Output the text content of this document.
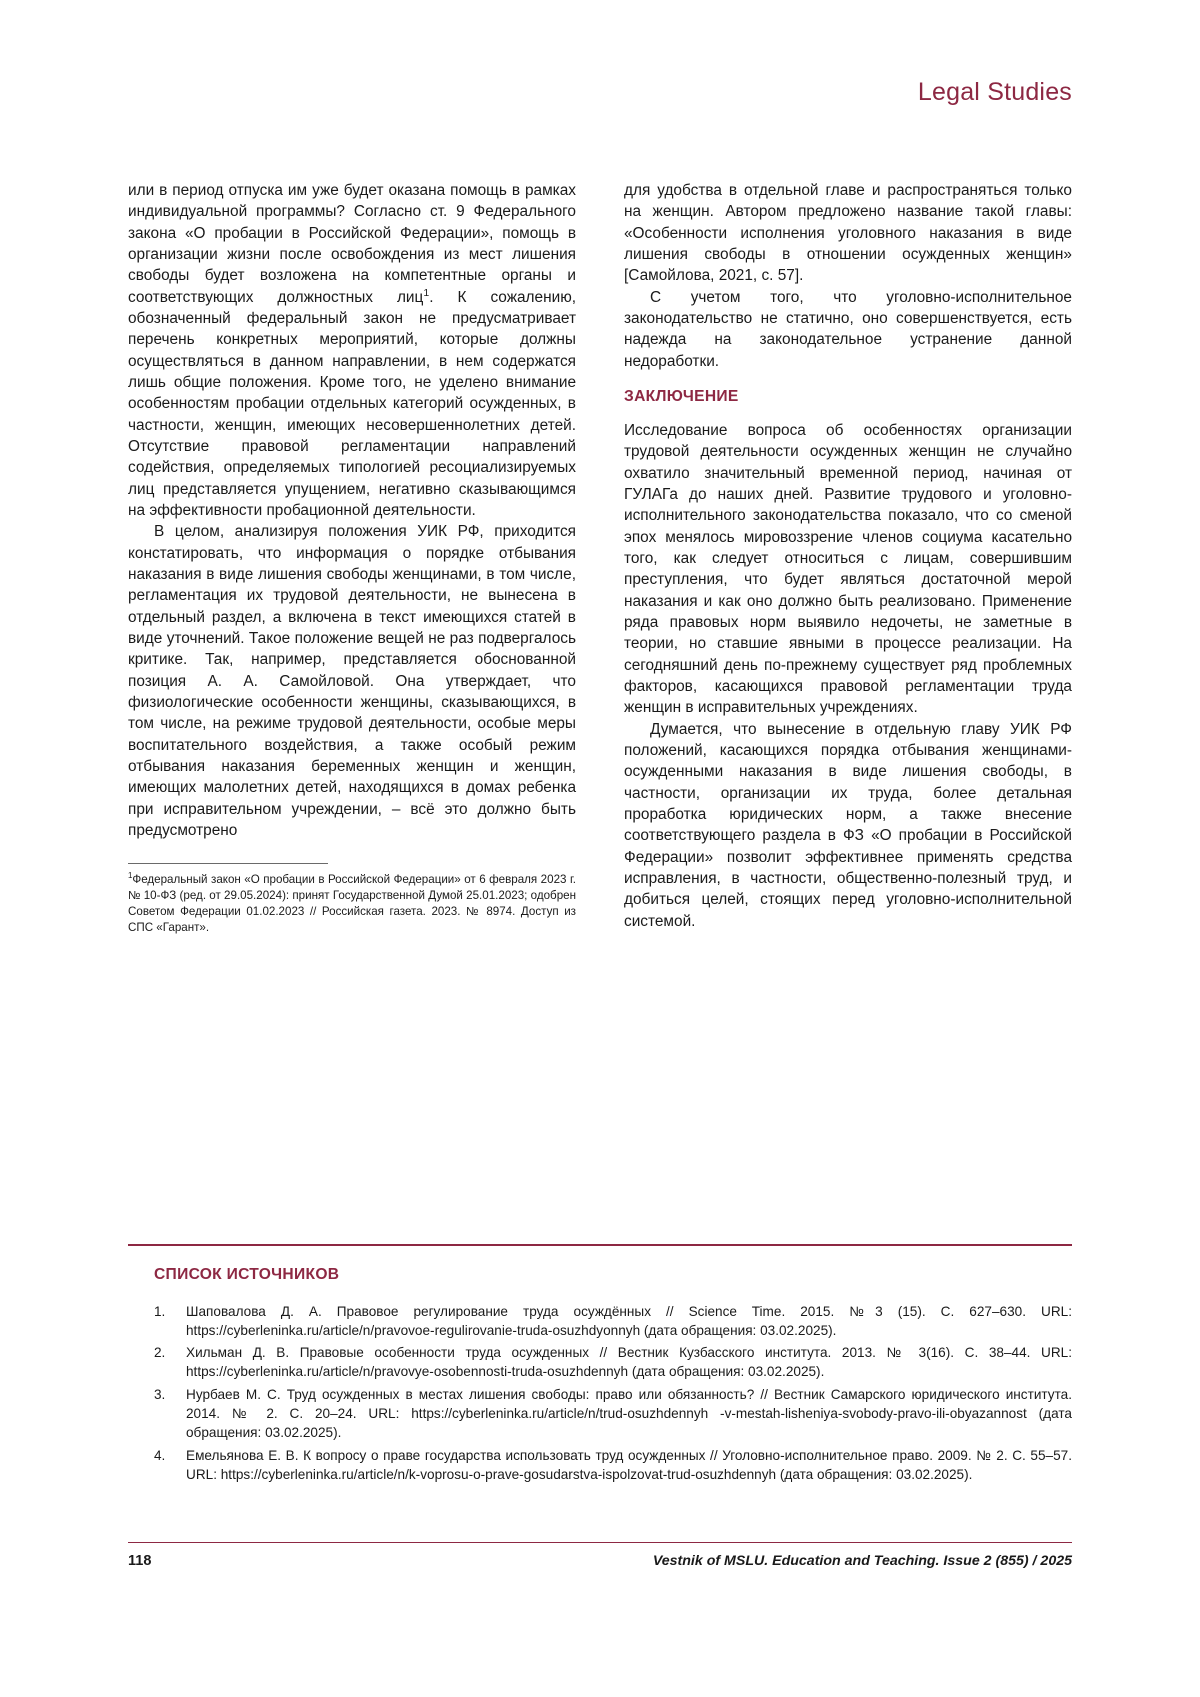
Legal Studies

или в период отпуска им уже будет оказана помощь в рамках индивидуальной программы? Согласно ст. 9 Федерального закона «О пробации в Российской Федерации», помощь в организации жизни после освобождения из мест лишения свободы будет возложена на компетентные органы и соответствующих должностных лиц$^1$. К сожалению, обозначенный федеральный закон не предусматривает перечень конкретных мероприятий, которые должны осуществляться в данном направлении, в нем содержатся лишь общие положения. Кроме того, не уделено внимание особенностям пробации отдельных категорий осужденных, в частности, женщин, имеющих несовершеннолетних детей. Отсутствие правовой регламентации направлений содействия, определяемых типологией ресоциализируемых лиц представляется упущением, негативно сказывающимся на эффективности пробационной деятельности.

В целом, анализируя положения УИК РФ, приходится констатировать, что информация о порядке отбывания наказания в виде лишения свободы женщинами, в том числе, регламентация их трудовой деятельности, не вынесена в отдельный раздел, а включена в текст имеющихся статей в виде уточнений. Такое положение вещей не раз подвергалось критике. Так, например, представляется обоснованной позиция А. А. Самойловой. Она утверждает, что физиологические особенности женщины, сказывающихся, в том числе, на режиме трудовой деятельности, особые меры воспитательного воздействия, а также особый режим отбывания наказания беременных женщин и женщин, имеющих малолетних детей, находящихся в домах ребенка при исправительном учреждении, – всё это должно быть предусмотрено

$^1$Федеральный закон «О пробации в Российской Федерации» от 6 февраля 2023 г. № 10-ФЗ (ред. от 29.05.2024): принят Государственной Думой 25.01.2023; одобрен Советом Федерации 01.02.2023 // Российская газета. 2023. № 8974. Доступ из СПС «Гарант».

для удобства в отдельной главе и распространяться только на женщин. Автором предложено название такой главы: «Особенности исполнения уголовного наказания в виде лишения свободы в отношении осужденных женщин» [Самойлова, 2021, с. 57].

С учетом того, что уголовно-исполнительное законодательство не статично, оно совершенствуется, есть надежда на законодательное устранение данной недоработки.

ЗАКЛЮЧЕНИЕ

Исследование вопроса об особенностях организации трудовой деятельности осужденных женщин не случайно охватило значительный временной период, начиная от ГУЛАГа до наших дней. Развитие трудового и уголовно-исполнительного законодательства показало, что со сменой эпох менялось мировоззрение членов социума касательно того, как следует относиться с лицам, совершившим преступления, что будет являться достаточной мерой наказания и как оно должно быть реализовано. Применение ряда правовых норм выявило недочеты, не заметные в теории, но ставшие явными в процессе реализации. На сегодняшний день по-прежнему существует ряд проблемных факторов, касающихся правовой регламентации труда женщин в исправительных учреждениях.

Думается, что вынесение в отдельную главу УИК РФ положений, касающихся порядка отбывания женщинами-осужденными наказания в виде лишения свободы, в частности, организации их труда, более детальная проработка юридических норм, а также внесение соответствующего раздела в ФЗ «О пробации в Российской Федерации» позволит эффективнее применять средства исправления, в частности, общественно-полезный труд, и добиться целей, стоящих перед уголовно-исполнительной системой.

СПИСОК ИСТОЧНИКОВ
1.	Шаповалова Д. А. Правовое регулирование труда осуждённых // Science Time. 2015. №3 (15). С. 627–630. URL: https://cyberleninka.ru/article/n/pravovoe-regulirovanie-truda-osuzhdyonnyh (дата обращения: 03.02.2025).
2.	Хильман Д. В. Правовые особенности труда осужденных // Вестник Кузбасского института. 2013. № 3(16). С. 38–44. URL: https://cyberleninka.ru/article/n/pravovye-osobennosti-truda-osuzhdennyh (дата обращения: 03.02.2025).
3.	Нурбаев М. С. Труд осужденных в местах лишения свободы: право или обязанность? // Вестник Самарского юридического института. 2014. № 2. С. 20–24. URL: https://cyberleninka.ru/article/n/trud-osuzhdennyh -v-mestah-lisheniya-svobody-pravo-ili-obyazannost (дата обращения: 03.02.2025).
4.	Емельянова Е. В. К вопросу о праве государства использовать труд осужденных // Уголовно-исполнительное право. 2009. № 2. С. 55–57. URL: https://cyberleninka.ru/article/n/k-voprosu-o-prave-gosudarstva-ispolzovat-trud-osuzhdennyh (дата обращения: 03.02.2025).
118	Vestnik of MSLU. Education and Teaching. Issue 2 (855) / 2025
